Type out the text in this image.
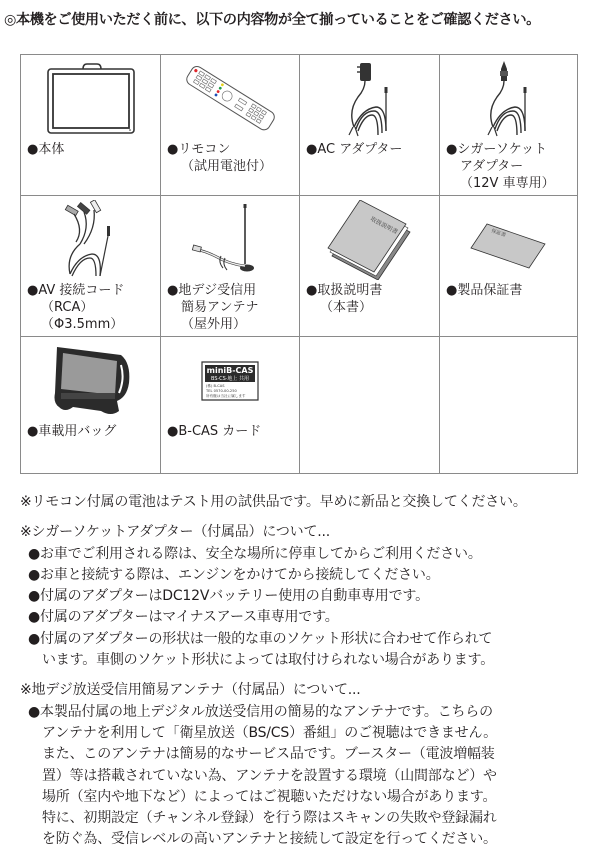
◎本機をご使用いただく前に、以下の内容物が全て揃っていることをご確認ください。
●本体	●リモコン
（試用電池付）
●AC アダプター	●シガーソケット
アダプター
（12V 車専用）
●AV 接続コード
（RCA）
（Φ3.5mm）
●地デジ受信用
簡易アンテナ
（屋外用）
取扱説明書
●取扱説明書
（本書）
保証書
●製品保証書
●車載用バッグ
miniB-CAS
BS·CS·地上 共用
(株) B-CAS
TEL 0570-00-250
所有権は当社に属します
●B-CAS カード
※リモコン付属の電池はテスト用の試供品です。早めに新品と交換してください。
※シガーソケットアダプター（付属品）について...
●お車でご利用される際は、安全な場所に停車してからご利用ください。
●お車と接続する際は、エンジンをかけてから接続してください。
●付属のアダプターはDC12Vバッテリー使用の自動車専用です。
●付属のアダプターはマイナスアース車専用です。
●付属のアダプターの形状は一般的な車のソケット形状に合わせて作られて
います。車側のソケット形状によっては取付けられない場合があります。
※地デジ放送受信用簡易アンテナ（付属品）について...
●本製品付属の地上デジタル放送受信用の簡易的なアンテナです。こちらの
アンテナを利用して「衛星放送（BS/CS）番組」のご視聴はできません。
また、このアンテナは簡易的なサービス品です。ブースター（電波増幅装
置）等は搭載されていない為、アンテナを設置する環境（山間部など）や
場所（室内や地下など）によってはご視聴いただけない場合があります。
特に、初期設定（チャンネル登録）を行う際はスキャンの失敗や登録漏れ
を防ぐ為、受信レベルの高いアンテナと接続して設定を行ってください。
